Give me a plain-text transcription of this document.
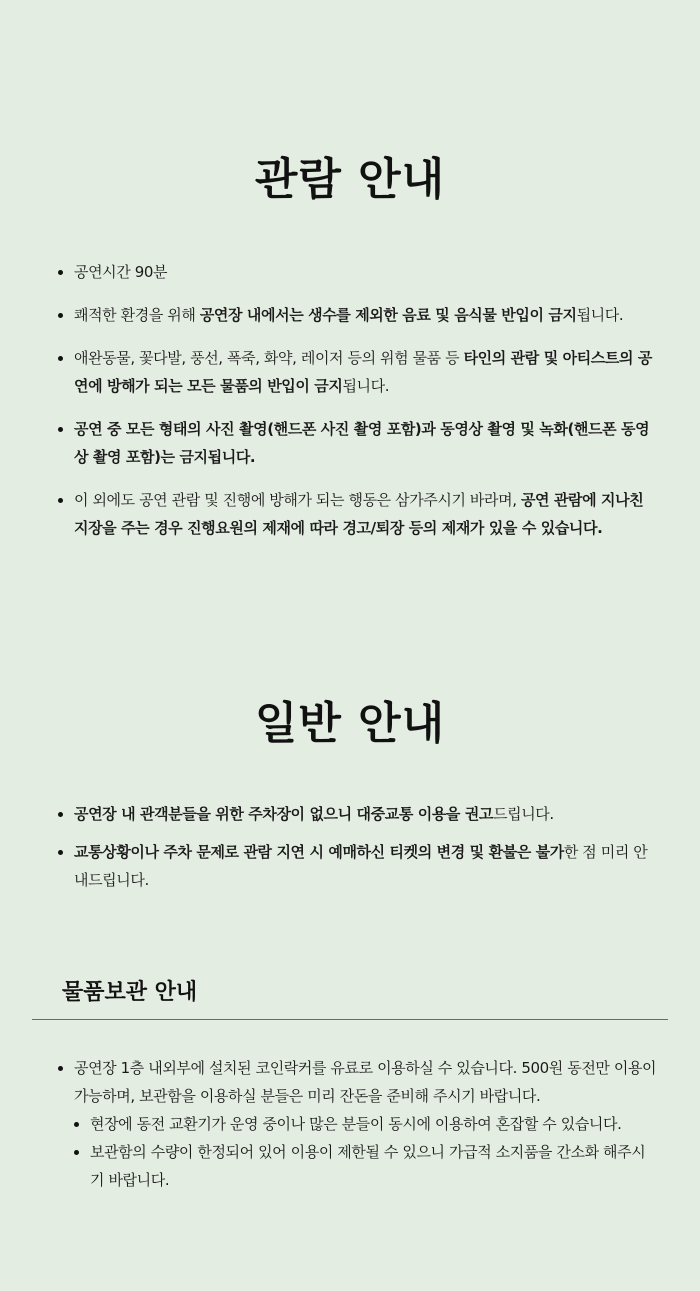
관람 안내
공연시간 90분
쾌적한 환경을 위해 공연장 내에서는 생수를 제외한 음료 및 음식물 반입이 금지됩니다.
애완동물, 꽃다발, 풍선, 폭죽, 화약, 레이저 등의 위험 물품 등 타인의 관람 및 아티스트의 공연에 방해가 되는 모든 물품의 반입이 금지됩니다.
공연 중 모든 형태의 사진 촬영(핸드폰 사진 촬영 포함)과 동영상 촬영 및 녹화(핸드폰 동영상 촬영 포함)는 금지됩니다.
이 외에도 공연 관람 및 진행에 방해가 되는 행동은 삼가주시기 바라며, 공연 관람에 지나친 지장을 주는 경우 진행요원의 제재에 따라 경고/퇴장 등의 제재가 있을 수 있습니다.
일반 안내
공연장 내 관객분들을 위한 주차장이 없으니 대중교통 이용을 권고드립니다.
교통상황이나 주차 문제로 관람 지연 시 예매하신 티켓의 변경 및 환불은 불가한 점 미리 안내드립니다.
물품보관 안내
공연장 1층 내외부에 설치된 코인락커를 유료로 이용하실 수 있습니다. 500원 동전만 이용이 가능하며, 보관함을 이용하실 분들은 미리 잔돈을 준비해 주시기 바랍니다.
현장에 동전 교환기가 운영 중이나 많은 분들이 동시에 이용하여 혼잡할 수 있습니다.
보관함의 수량이 한정되어 있어 이용이 제한될 수 있으니 가급적 소지품을 간소화 해주시기 바랍니다.
